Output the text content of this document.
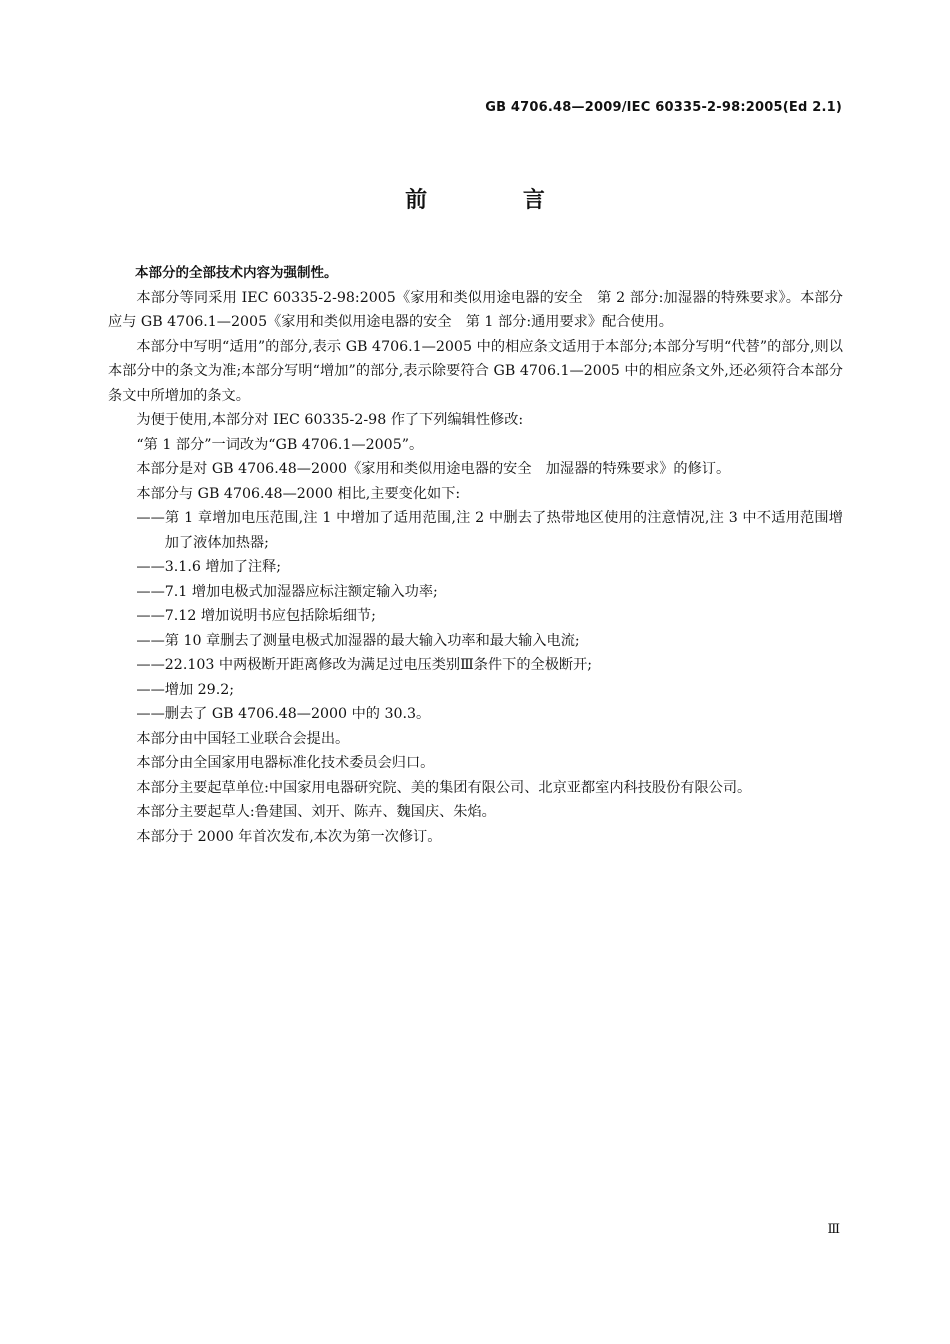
GB 4706.48—2009/IEC 60335-2-98:2005(Ed 2.1)
前 言

本部分的全部技术内容为强制性。

本部分等同采用 IEC 60335-2-98:2005《家用和类似用途电器的安全　第 2 部分:加湿器的特殊要求》。本部分应与 GB 4706.1—2005《家用和类似用途电器的安全　第 1 部分:通用要求》配合使用。

本部分中写明“适用”的部分,表示 GB 4706.1—2005 中的相应条文适用于本部分;本部分写明“代替”的部分,则以本部分中的条文为准;本部分写明“增加”的部分,表示除要符合 GB 4706.1—2005 中的相应条文外,还必须符合本部分条文中所增加的条文。

为便于使用,本部分对 IEC 60335-2-98 作了下列编辑性修改:

“第 1 部分”一词改为“GB 4706.1—2005”。

本部分是对 GB 4706.48—2000《家用和类似用途电器的安全　加湿器的特殊要求》的修订。

本部分与 GB 4706.48—2000 相比,主要变化如下:

——第 1 章增加电压范围,注 1 中增加了适用范围,注 2 中删去了热带地区使用的注意情况,注 3 中不适用范围增加了液体加热器;

——3.1.6 增加了注释;

——7.1 增加电极式加湿器应标注额定输入功率;

——7.12 增加说明书应包括除垢细节;

——第 10 章删去了测量电极式加湿器的最大输入功率和最大输入电流;

——22.103 中两极断开距离修改为满足过电压类别Ⅲ条件下的全极断开;

——增加 29.2;

——删去了 GB 4706.48—2000 中的 30.3。

本部分由中国轻工业联合会提出。

本部分由全国家用电器标准化技术委员会归口。

本部分主要起草单位:中国家用电器研究院、美的集团有限公司、北京亚都室内科技股份有限公司。

本部分主要起草人:鲁建国、刘开、陈卉、魏国庆、朱焰。

本部分于 2000 年首次发布,本次为第一次修订。

Ⅲ
